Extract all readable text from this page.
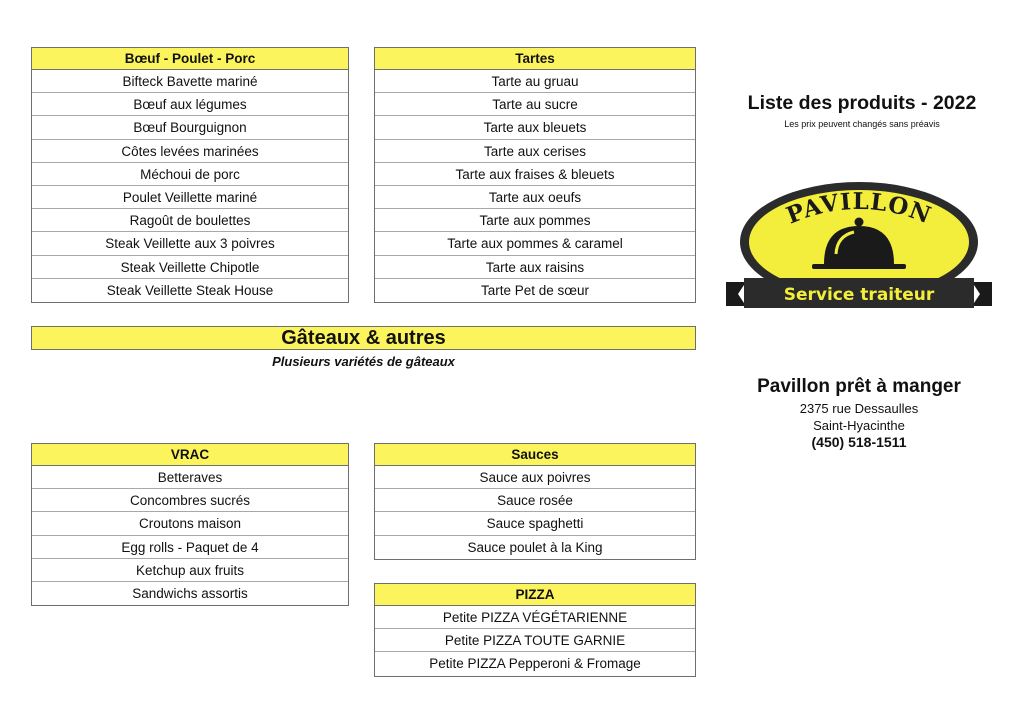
Bœuf - Poulet - Porc
Bifteck Bavette mariné
Bœuf aux légumes
Bœuf Bourguignon
Côtes levées marinées
Méchoui de porc
Poulet Veillette mariné
Ragoût de boulettes
Steak Veillette aux 3 poivres
Steak Veillette Chipotle
Steak Veillette Steak House
Tartes
Tarte au gruau
Tarte au sucre
Tarte aux bleuets
Tarte aux cerises
Tarte aux fraises & bleuets
Tarte aux oeufs
Tarte aux pommes
Tarte aux pommes & caramel
Tarte aux raisins
Tarte Pet de sœur
Gâteaux & autres
Plusieurs variétés de gâteaux
VRAC
Betteraves
Concombres sucrés
Croutons maison
Egg rolls - Paquet de 4
Ketchup aux fruits
Sandwichs assortis
Sauces
Sauce aux poivres
Sauce rosée
Sauce spaghetti
Sauce poulet à la King
PIZZA
Petite PIZZA VÉGÉTARIENNE
Petite PIZZA TOUTE GARNIE
Petite PIZZA Pepperoni & Fromage
Liste des produits - 2022
Les prix peuvent changés sans préavis
PAVILLON
Service traiteur
Pavillon prêt à manger
2375 rue Dessaulles
Saint-Hyacinthe
(450) 518-1511
